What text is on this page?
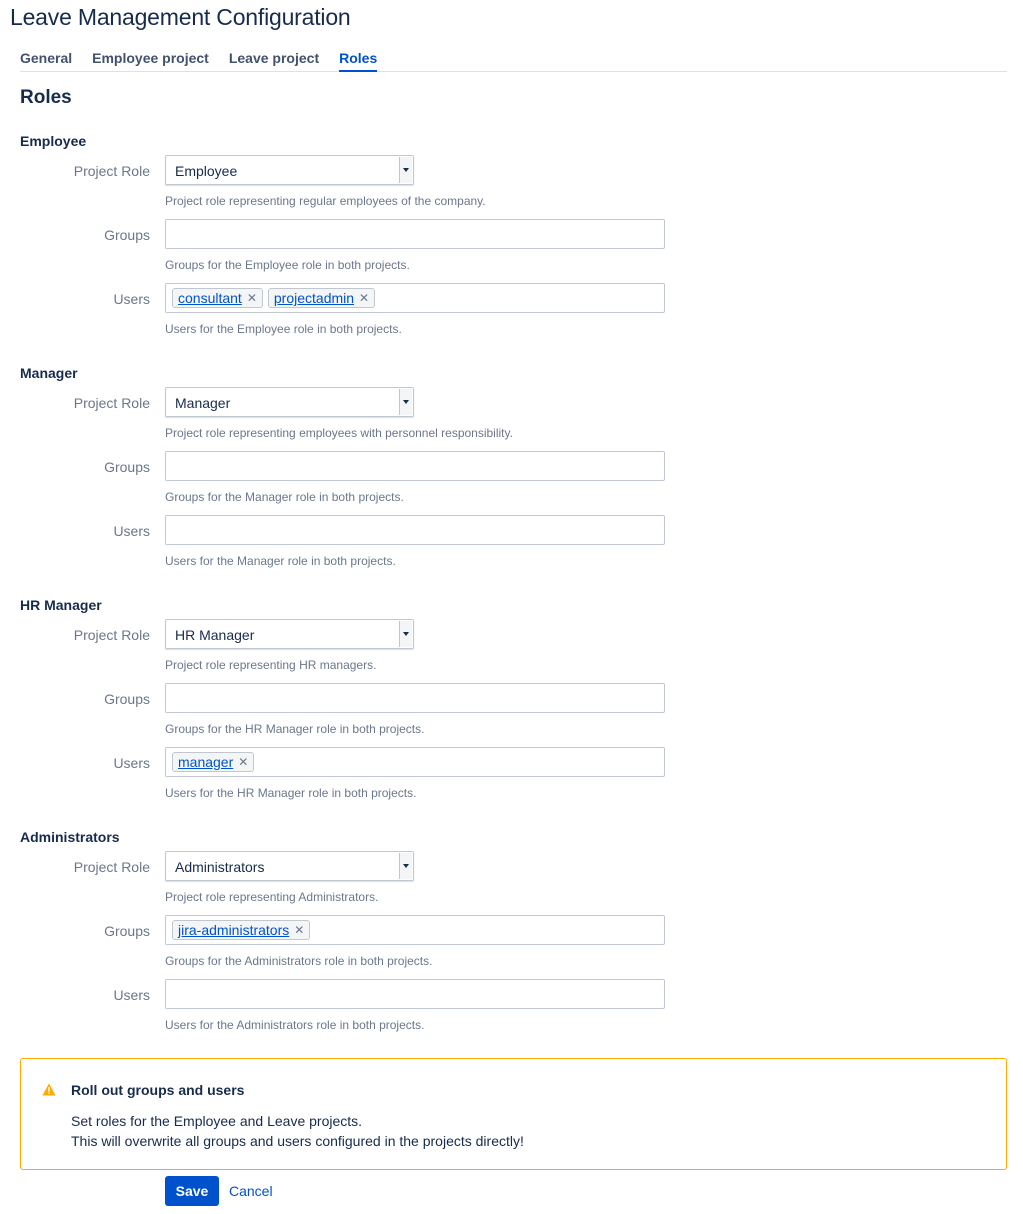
Leave Management Configuration
General Employee project Leave project Roles
Roles
Employee
Project Role	Employee
Project role representing regular employees of the company.
Groups
Groups for the Employee role in both projects.
Users consultant ✕ projectadmin ✕
Users for the Employee role in both projects.
Manager
Project Role	Manager
Project role representing employees with personnel responsibility.
Groups
Groups for the Manager role in both projects.
Users
Users for the Manager role in both projects.
HR Manager
Project Role	HR Manager
Project role representing HR managers.
Groups
Groups for the HR Manager role in both projects.
Users manager ✕
Users for the HR Manager role in both projects.
Administrators
Project Role	Administrators
Project role representing Administrators.
Groups jira-administrators ✕
Groups for the Administrators role in both projects.
Users
Users for the Administrators role in both projects.
Roll out groups and users
Set roles for the Employee and Leave projects.
This will overwrite all groups and users configured in the projects directly!
Save	Cancel
